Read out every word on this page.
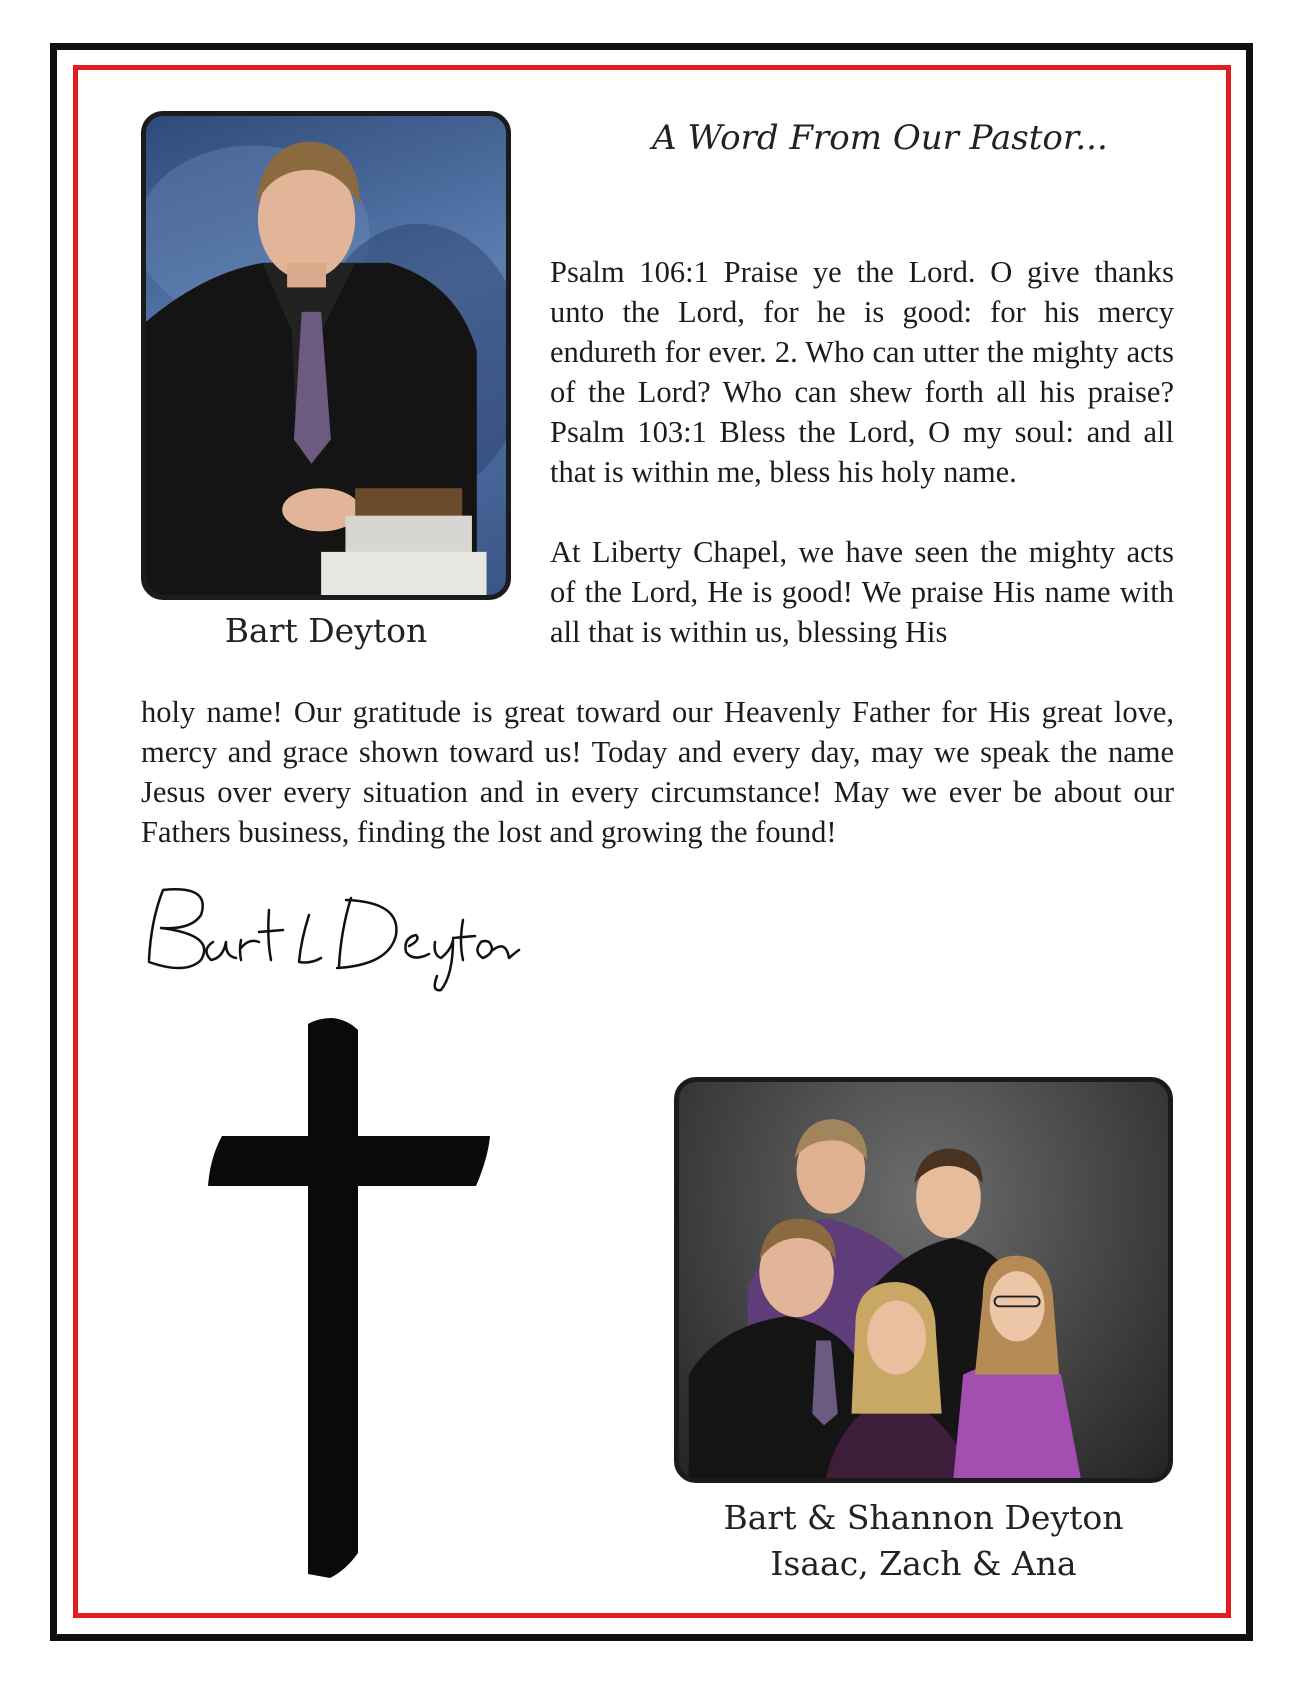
Bart Deyton
A Word From Our Pastor...

Psalm 106:1 Praise ye the Lord. O give thanks unto the Lord, for he is good: for his mercy endureth for ever. 2. Who can utter the mighty acts of the Lord? Who can shew forth all his praise? Psalm 103:1 Bless the Lord, O my soul: and all that is within me, bless his holy name.

At Liberty Chapel, we have seen the mighty acts of the Lord, He is good! We praise His name with all that is within us, blessing His

holy name! Our gratitude is great toward our Heavenly Father for His great love, mercy and grace shown toward us! Today and every day, may we speak the name Jesus over every situation and in every circumstance! May we ever be about our Fathers business, finding the lost and growing the found!
Bart & Shannon Deyton
Isaac, Zach & Ana
